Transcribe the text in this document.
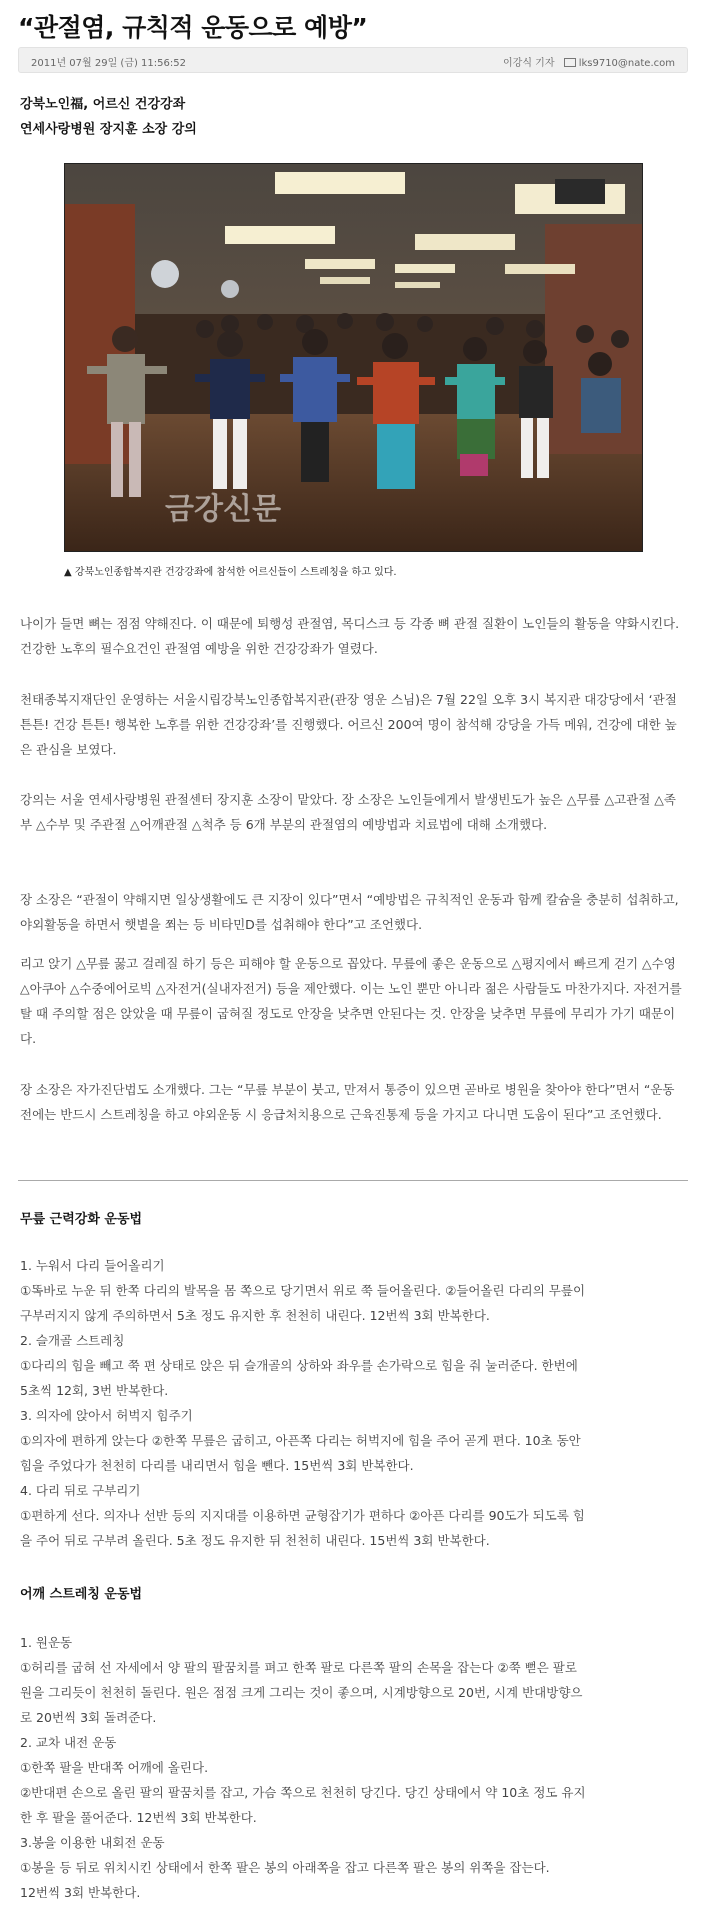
“관절염, 규칙적 운동으로 예방”
2011년 07월 29일 (금) 11:56:52	이강식 기자 lks9710@nate.com
강북노인福, 어르신 건강강좌
연세사랑병원 장지훈 소장 강의
금강신문
▲ 강북노인종합복지관 건강강좌에 참석한 어르신들이 스트레칭을 하고 있다.
나이가 들면 뼈는 점점 약해진다. 이 때문에 퇴행성 관절염, 목디스크 등 각종 뼈 관절 질환이 노인들의 활동을 약화시킨다. 건강한 노후의 필수요건인 관절염 예방을 위한 건강강좌가 열렸다.
천태종복지재단인 운영하는 서울시립강북노인종합복지관(관장 영운 스님)은 7월 22일 오후 3시 복지관 대강당에서 ‘관절 튼튼! 건강 튼튼! 행복한 노후를 위한 건강강좌’를 진행했다. 어르신 200여 명이 참석해 강당을 가득 메워, 건강에 대한 높은 관심을 보였다.
강의는 서울 연세사랑병원 관절센터 장지훈 소장이 맡았다. 장 소장은 노인들에게서 발생빈도가 높은 △무릎 △고관절 △족부 △수부 및 주관절 △어깨관절 △척추 등 6개 부분의 관절염의 예방법과 치료법에 대해 소개했다.
장 소장은 “관절이 약해지면 일상생활에도 큰 지장이 있다”면서 “예방법은 규칙적인 운동과 함께 칼슘을 충분히 섭취하고, 야외활동을 하면서 햇볕을 쬐는 등 비타민D를 섭취해야 한다”고 조언했다.
리고 앉기 △무릎 꿇고 걸레질 하기 등은 피해야 할 운동으로 꼽았다. 무릎에 좋은 운동으로 △평지에서 빠르게 걷기 △수영 △아쿠아 △수중에어로빅 △자전거(실내자전거) 등을 제안했다. 이는 노인 뿐만 아니라 젊은 사람들도 마찬가지다. 자전거를 탈 때 주의할 점은 앉았을 때 무릎이 굽혀질 정도로 안장을 낮추면 안된다는 것. 안장을 낮추면 무릎에 무리가 가기 때문이다.
장 소장은 자가진단법도 소개했다. 그는 “무릎 부분이 붓고, 만져서 통증이 있으면 곧바로 병원을 찾아야 한다”면서 “운동 전에는 반드시 스트레칭을 하고 야외운동 시 응급처치용으로 근육진통제 등을 가지고 다니면 도움이 된다”고 조언했다.
무릎 근력강화 운동법
1. 누워서 다리 들어올리기
①똑바로 누운 뒤 한쪽 다리의 발목을 몸 쪽으로 당기면서 위로 쭉 들어올린다. ②들어올린 다리의 무릎이
구부러지지 않게 주의하면서 5초 정도 유지한 후 천천히 내린다. 12번씩 3회 반복한다.
2. 슬개골 스트레칭
①다리의 힘을 빼고 쭉 편 상태로 앉은 뒤 슬개골의 상하와 좌우를 손가락으로 힘을 줘 눌러준다. 한번에
5초씩 12회, 3번 반복한다.
3. 의자에 앉아서 허벅지 힘주기
①의자에 편하게 앉는다 ②한쪽 무릎은 굽히고, 아픈쪽 다리는 허벅지에 힘을 주어 곧게 편다. 10초 동안
힘을 주었다가 천천히 다리를 내리면서 힘을 뺀다. 15번씩 3회 반복한다.
4. 다리 뒤로 구부리기
①편하게 선다. 의자나 선반 등의 지지대를 이용하면 균형잡기가 편하다 ②아픈 다리를 90도가 되도록 힘
을 주어 뒤로 구부려 올린다. 5초 정도 유지한 뒤 천천히 내린다. 15번씩 3회 반복한다.
어깨 스트레칭 운동법
1. 원운동
①허리를 굽혀 선 자세에서 양 팔의 팔꿈치를 펴고 한쪽 팔로 다른쪽 팔의 손목을 잡는다 ②쭉 뻗은 팔로
원을 그리듯이 천천히 돌린다. 원은 점점 크게 그리는 것이 좋으며, 시계방향으로 20번, 시계 반대방향으
로 20번씩 3회 돌려준다.
2. 교차 내전 운동
①한쪽 팔을 반대쪽 어깨에 올린다.
②반대편 손으로 올린 팔의 팔꿈치를 잡고, 가슴 쪽으로 천천히 당긴다. 당긴 상태에서 약 10초 정도 유지
한 후 팔을 풀어준다. 12번씩 3회 반복한다.
3.봉을 이용한 내회전 운동
①봉을 등 뒤로 위치시킨 상태에서 한쪽 팔은 봉의 아래쪽을 잡고 다른쪽 팔은 봉의 위쪽을 잡는다.
12번씩 3회 반복한다.
